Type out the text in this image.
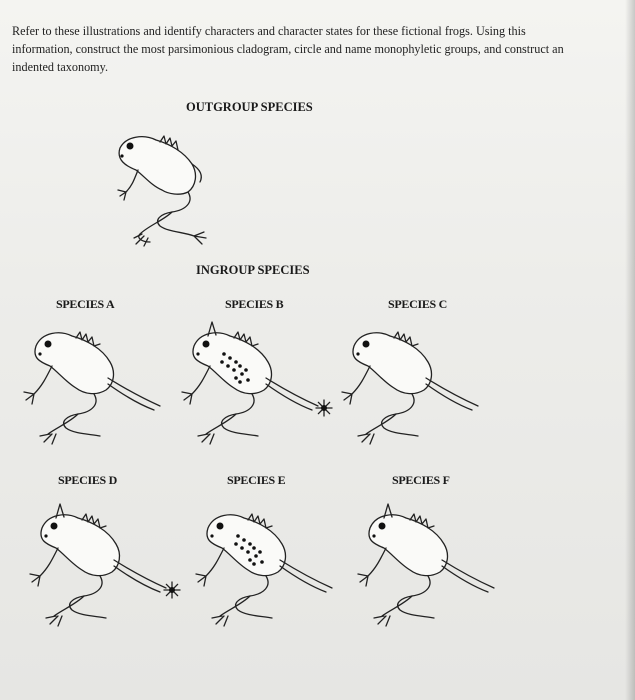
Refer to these illustrations and identify characters and character states for these fictional frogs. Using this information, construct the most parsimonious cladogram, circle and name monophyletic groups, and construct an indented taxonomy.

OUTGROUP SPECIES

INGROUP SPECIES

SPECIES A	SPECIES B	SPECIES C
SPECIES D	SPECIES E	SPECIES F
